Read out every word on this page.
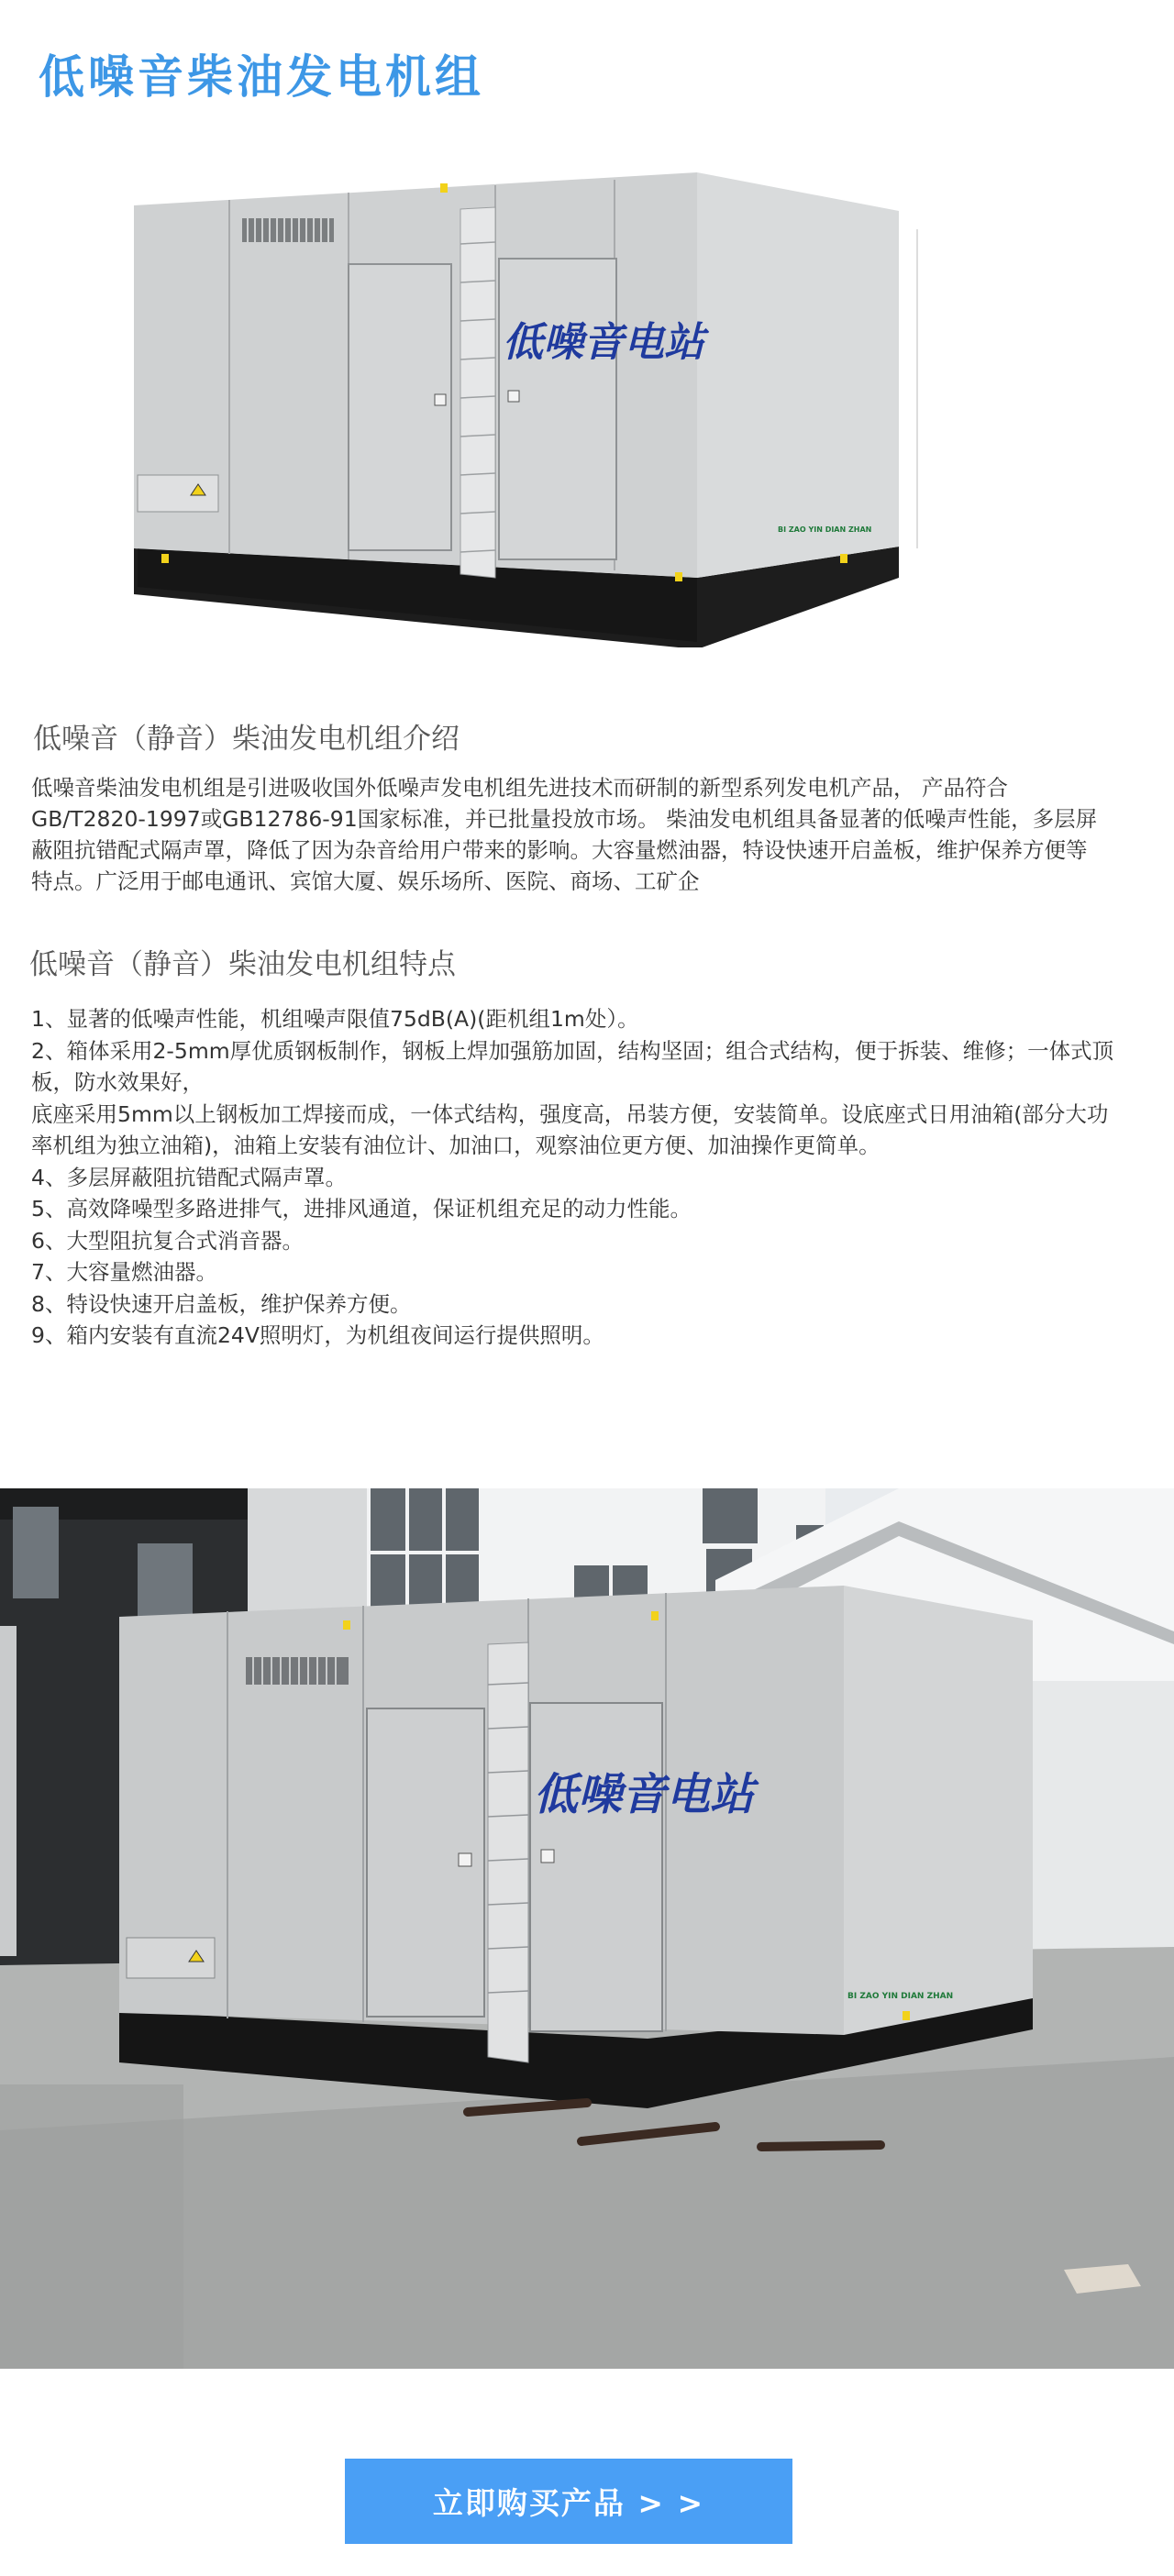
低噪音柴油发电机组
低噪音电站
BI ZAO YIN DIAN ZHAN
低噪音（静音）柴油发电机组介绍

低噪音柴油发电机组是引进吸收国外低噪声发电机组先进技术而研制的新型系列发电机产品， 产品符合GB/T2820-1997或GB12786-91国家标准，并已批量投放市场。 柴油发电机组具备显著的低噪声性能，多层屏蔽阻抗错配式隔声罩，降低了因为杂音给用户带来的影响。大容量燃油器，特设快速开启盖板，维护保养方便等特点。广泛用于邮电通讯、宾馆大厦、娱乐场所、医院、商场、工矿企

低噪音（静音）柴油发电机组特点
1、显著的低噪声性能，机组噪声限值75dB(A)(距机组1m处）。
2、箱体采用2-5mm厚优质钢板制作，钢板上焊加强筋加固，结构坚固；组合式结构，便于拆装、维修；一体式顶板，防水效果好，
底座采用5mm以上钢板加工焊接而成，一体式结构，强度高，吊装方便，安装简单。设底座式日用油箱(部分大功率机组为独立油箱)，油箱上安装有油位计、加油口，观察油位更方便、加油操作更简单。
4、多层屏蔽阻抗错配式隔声罩。
5、高效降噪型多路进排气，进排风通道，保证机组充足的动力性能。
6、大型阻抗复合式消音器。
7、大容量燃油器。
8、特设快速开启盖板，维护保养方便。
9、箱内安装有直流24V照明灯，为机组夜间运行提供照明。
低噪音电站
BI ZAO YIN DIAN ZHAN
立即购买产品 > >
